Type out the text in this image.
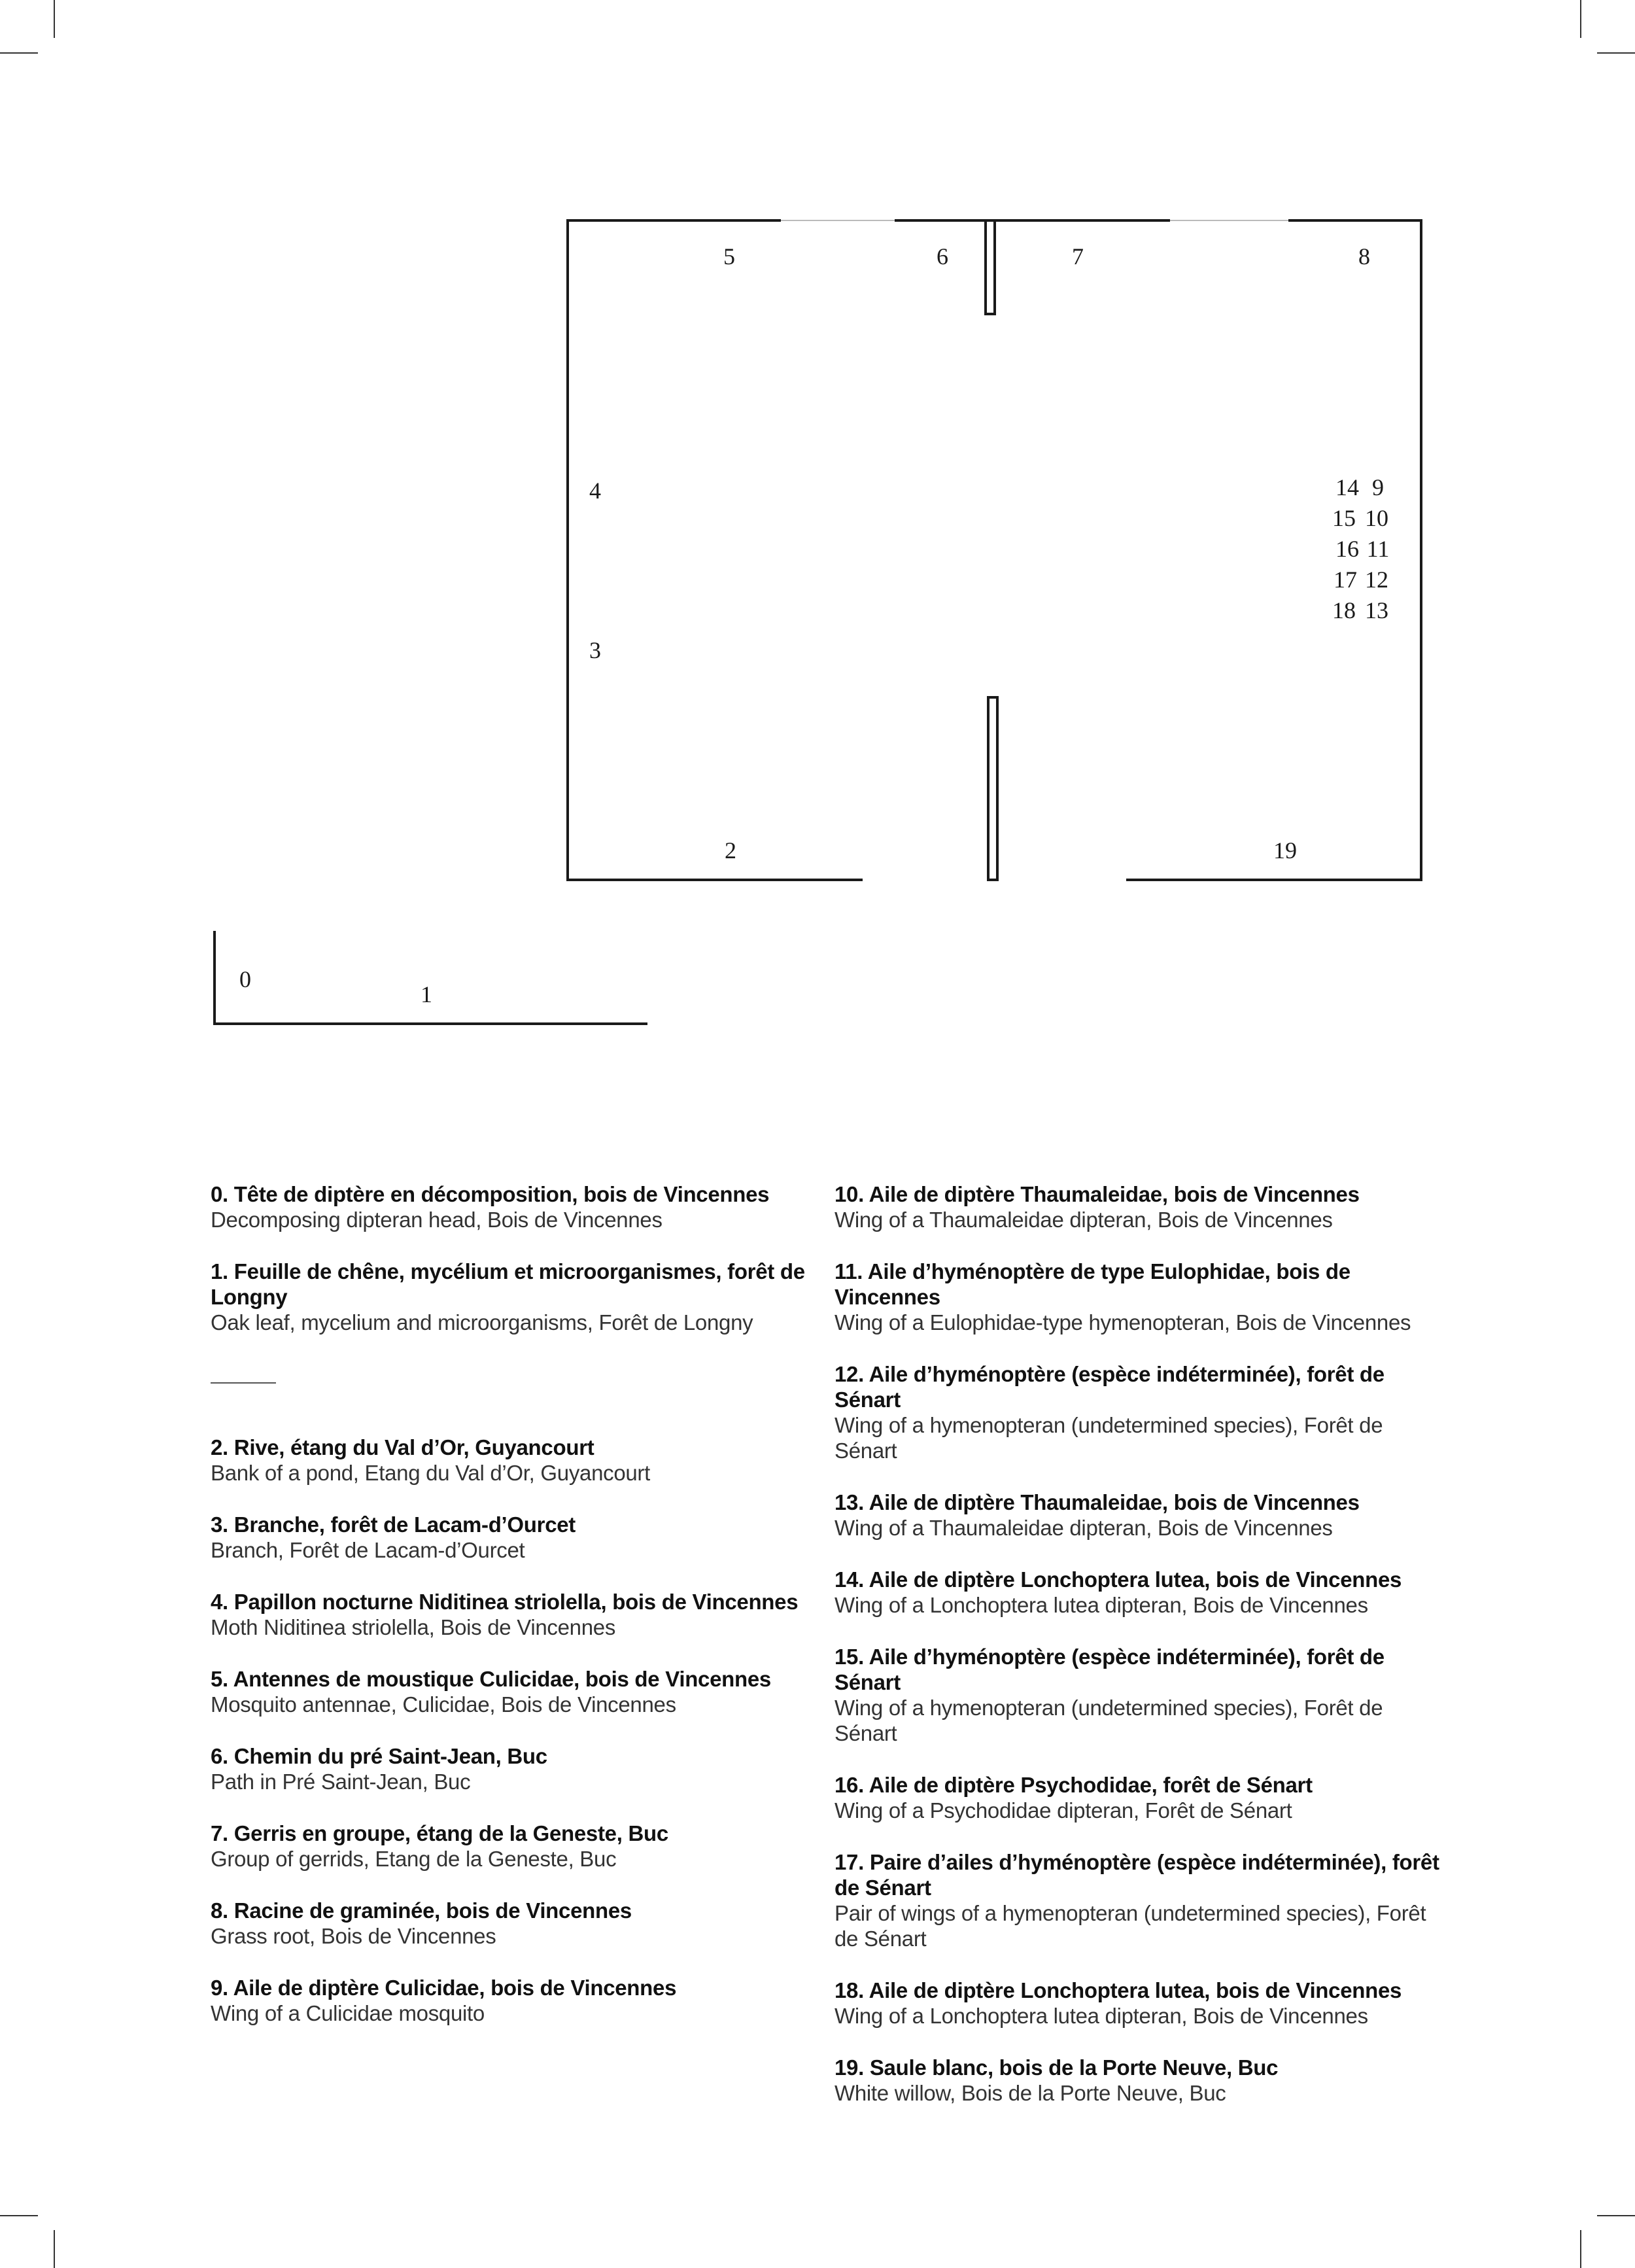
5	6	7	8
4
3
2	19
0
1
14 9
15 10
16 11
17 12
18 13
0. Tête de diptère en décomposition, bois de Vincennes
Decomposing dipteran head, Bois de Vincennes
1. Feuille de chêne, mycélium et microorganismes, forêt de Longny
Oak leaf, mycelium and microorganisms, Forêt de Longny
2. Rive, étang du Val d’Or, Guyancourt
Bank of a pond, Etang du Val d’Or, Guyancourt
3. Branche, forêt de Lacam-d’Ourcet
Branch, Forêt de Lacam-d’Ourcet
4. Papillon nocturne Niditinea striolella, bois de Vincennes
Moth Niditinea striolella, Bois de Vincennes
5. Antennes de moustique Culicidae, bois de Vincennes
Mosquito antennae, Culicidae, Bois de Vincennes
6. Chemin du pré Saint-Jean, Buc
Path in Pré Saint-Jean, Buc
7. Gerris en groupe, étang de la Geneste, Buc
Group of gerrids, Etang de la Geneste, Buc
8. Racine de graminée, bois de Vincennes
Grass root, Bois de Vincennes
9. Aile de diptère Culicidae, bois de Vincennes
Wing of a Culicidae mosquito
10. Aile de diptère Thaumaleidae, bois de Vincennes
Wing of a Thaumaleidae dipteran, Bois de Vincennes
11. Aile d’hyménoptère de type Eulophidae, bois de Vincennes
Wing of a Eulophidae-type hymenopteran, Bois de Vincennes
12. Aile d’hyménoptère (espèce indéterminée), forêt de Sénart
Wing of a hymenopteran (undetermined species), Forêt de Sénart
13. Aile de diptère Thaumaleidae, bois de Vincennes
Wing of a Thaumaleidae dipteran, Bois de Vincennes
14. Aile de diptère Lonchoptera lutea, bois de Vincennes
Wing of a Lonchoptera lutea dipteran, Bois de Vincennes
15. Aile d’hyménoptère (espèce indéterminée), forêt de Sénart
Wing of a hymenopteran (undetermined species), Forêt de Sénart
16. Aile de diptère Psychodidae, forêt de Sénart
Wing of a Psychodidae dipteran, Forêt de Sénart
17. Paire d’ailes d’hyménoptère (espèce indéterminée), forêt de Sénart
Pair of wings of a hymenopteran (undetermined species), Forêt de Sénart
18. Aile de diptère Lonchoptera lutea, bois de Vincennes
Wing of a Lonchoptera lutea dipteran, Bois de Vincennes
19. Saule blanc, bois de la Porte Neuve, Buc
White willow, Bois de la Porte Neuve, Buc
